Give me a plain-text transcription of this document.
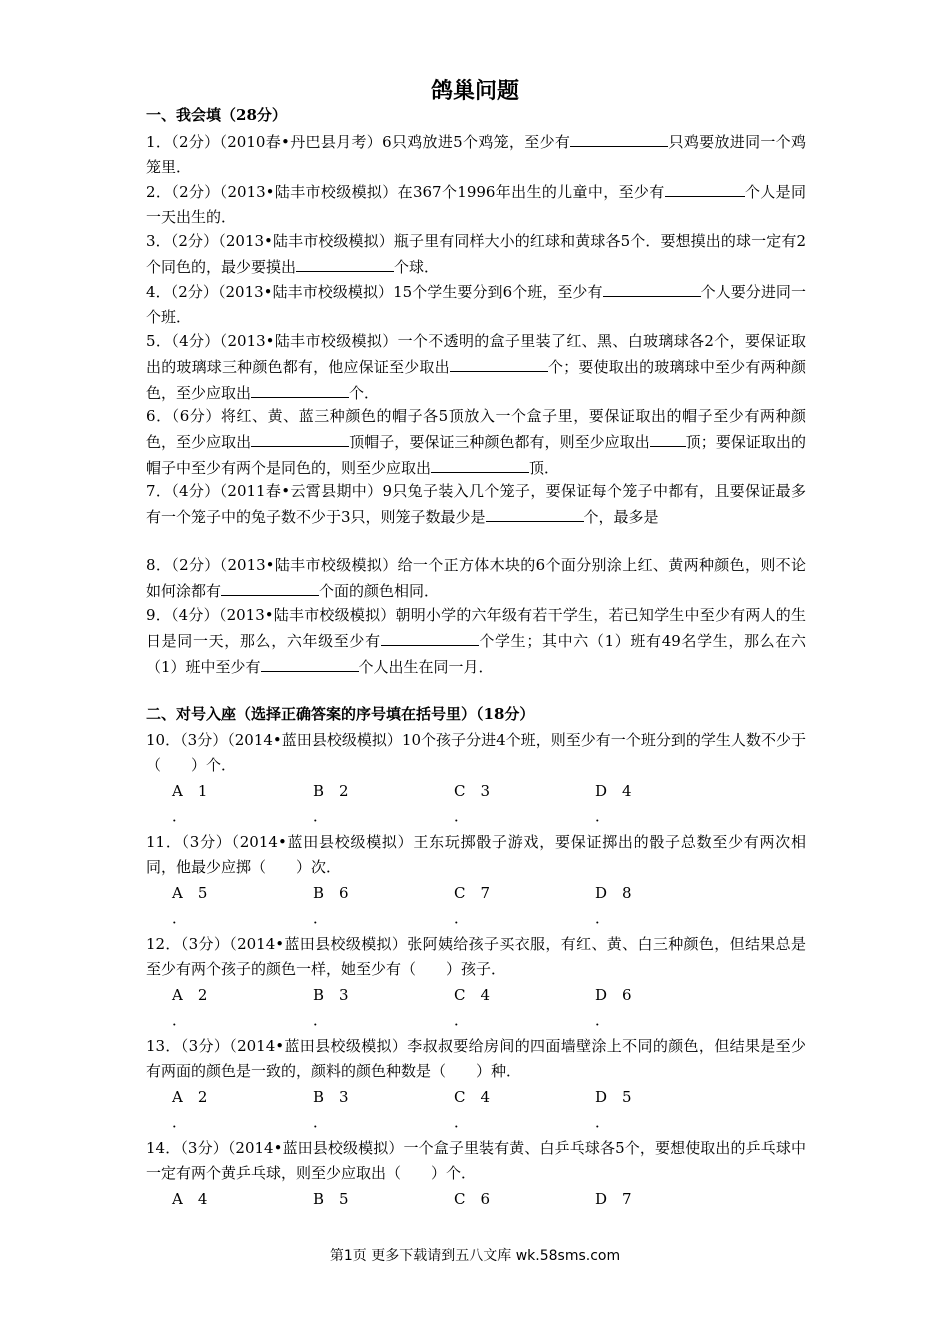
鸽巢问题
一、我会填（28分）
1．（2分）（2010春•丹巴县月考）6只鸡放进5个鸡笼，至少有	只鸡要放进同一个鸡笼里．
2．（2分）（2013•陆丰市校级模拟）在367个1996年出生的儿童中，至少有	个人是同一天出生的．
3．（2分）（2013•陆丰市校级模拟）瓶子里有同样大小的红球和黄球各5个．要想摸出的球一定有2个同色的，最少要摸出	个球．
4．（2分）（2013•陆丰市校级模拟）15个学生要分到6个班，至少有	个人要分进同一个班．
5．（4分）（2013•陆丰市校级模拟）一个不透明的盒子里装了红、黑、白玻璃球各2个，要保证取出的玻璃球三种颜色都有，他应保证至少取出	个；要使取出的玻璃球中至少有两种颜色，至少应取出	个．
6．（6分）将红、黄、蓝三种颜色的帽子各5顶放入一个盒子里，要保证取出的帽子至少有两种颜色，至少应取出	顶帽子，要保证三种颜色都有，则至少应取出 顶；要保证取出的帽子中至少有两个是同色的，则至少应取出	顶．
7．（4分）（2011春•云霄县期中）9只兔子装入几个笼子，要保证每个笼子中都有，且要保证最多有一个笼子中的兔子数不少于3只，则笼子数最少是	个，最多是
8．（2分）（2013•陆丰市校级模拟）给一个正方体木块的6个面分别涂上红、黄两种颜色，则不论如何涂都有	个面的颜色相同．
9．（4分）（2013•陆丰市校级模拟）朝明小学的六年级有若干学生，若已知学生中至少有两人的生日是同一天，那么，六年级至少有	个学生；其中六（1）班有49名学生，那么在六（1）班中至少有	个人出生在同一月．
二、对号入座（选择正确答案的序号填在括号里）（18分）
10．（3分）（2014•蓝田县校级模拟）10个孩子分进4个班，则至少有一个班分到的学生人数不少于（　　）个．
A　1
．
B　2
．
C　3
．
D　4
．
11．（3分）（2014•蓝田县校级模拟）王东玩掷骰子游戏，要保证掷出的骰子总数至少有两次相同，他最少应掷（　　）次．
A　5
．
B　6
．
C　7
．
D　8
．
12．（3分）（2014•蓝田县校级模拟）张阿姨给孩子买衣服，有红、黄、白三种颜色，但结果总是至少有两个孩子的颜色一样，她至少有（　　）孩子．
A　2
．
B　3
．
C　4
．
D　6
．
13．（3分）（2014•蓝田县校级模拟）李叔叔要给房间的四面墙壁涂上不同的颜色，但结果是至少有两面的颜色是一致的，颜料的颜色种数是（　　）种．
A　2
．
B　3
．
C　4
．
D　5
．
14．（3分）（2014•蓝田县校级模拟）一个盒子里装有黄、白乒乓球各5个，要想使取出的乒乓球中一定有两个黄乒乓球，则至少应取出（　　）个．
A　4	B　5	C　6	D　7
第1页 更多下载请到五八文库 wk.58sms.com
